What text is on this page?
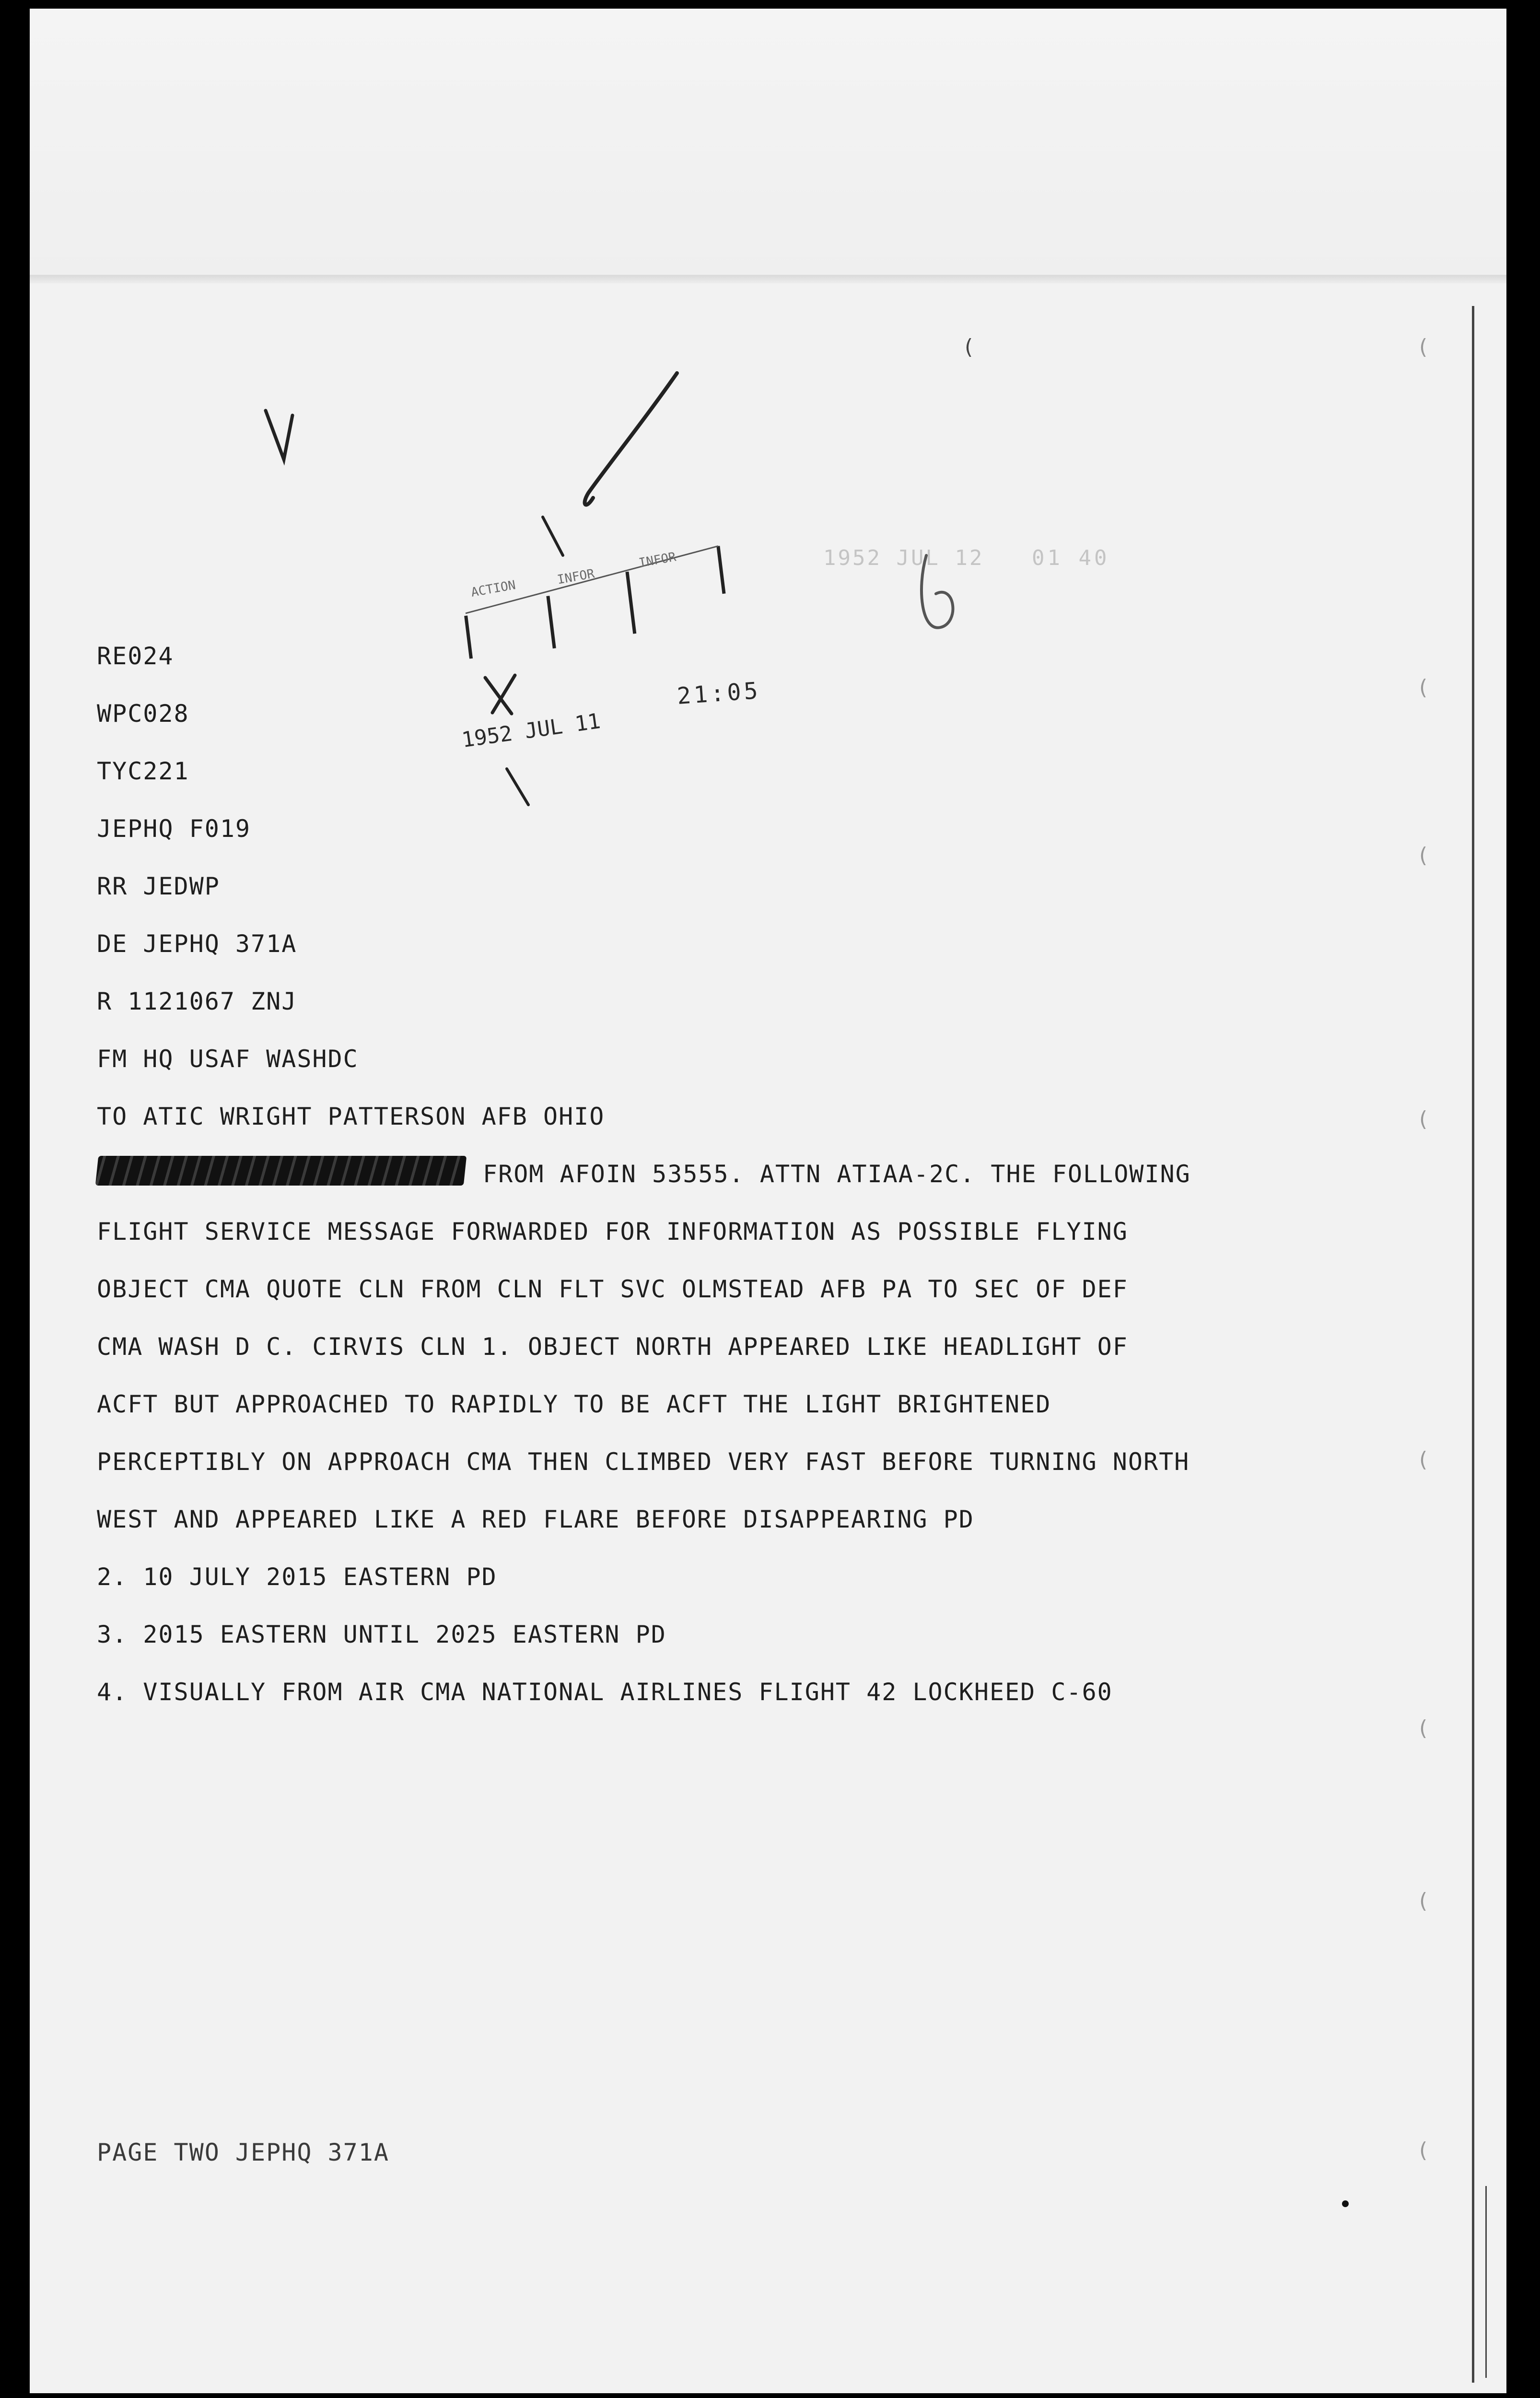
ACTION
INFOR
INFOR
1952 JUL 11
21:05
1952 JUL 12 01 40
(
(
(
(
(
(
(
(
(
RE024
WPC028
TYC221
JEPHQ F019
RR JEDWP
DE JEPHQ 371A
R 1121067 ZNJ
FM HQ USAF WASHDC
TO ATIC WRIGHT PATTERSON AFB OHIO
FROM AFOIN 53555. ATTN ATIAA-2C. THE FOLLOWING
FLIGHT SERVICE MESSAGE FORWARDED FOR INFORMATION AS POSSIBLE FLYING
OBJECT CMA QUOTE CLN FROM CLN FLT SVC OLMSTEAD AFB PA TO SEC OF DEF
CMA WASH D C. CIRVIS CLN 1. OBJECT NORTH APPEARED LIKE HEADLIGHT OF
ACFT BUT APPROACHED TO RAPIDLY TO BE ACFT THE LIGHT BRIGHTENED
PERCEPTIBLY ON APPROACH CMA THEN CLIMBED VERY FAST BEFORE TURNING NORTH
WEST AND APPEARED LIKE A RED FLARE BEFORE DISAPPEARING PD
2. 10 JULY 2015 EASTERN PD
3. 2015 EASTERN UNTIL 2025 EASTERN PD
4. VISUALLY FROM AIR CMA NATIONAL AIRLINES FLIGHT 42 LOCKHEED C-60
PAGE TWO JEPHQ 371A
